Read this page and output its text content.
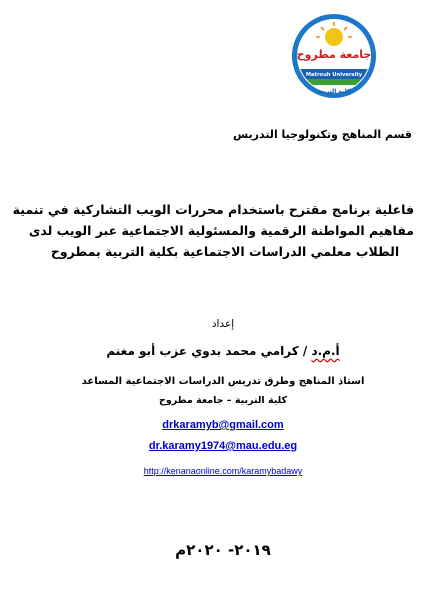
جامعة مطروح
Matrouh University
كلية التربية
قسم المناهج وتكنولوجيا التدريس
فاعلية برنامج مقترح باستخدام محررات الويب التشاركية في تنمية
مفاهيم المواطنة الرقمية والمسئولية الاجتماعية عبر الويب لدى
الطلاب معلمي الدراسات الاجتماعية بكلية التربية بمطروح
إعداد
أ.م.د / كرامي محمد بدوي عزب أبو مغنم
استاذ المناهج وطرق تدريس الدراسات الاجتماعية المساعد
كلية التربية – جامعة مطروح
drkaramyb@gmail.com
dr.karamy1974@mau.edu.eg
http://kenanaonline.com/karamybadawy
٢٠١٩- ٢٠٢٠م
